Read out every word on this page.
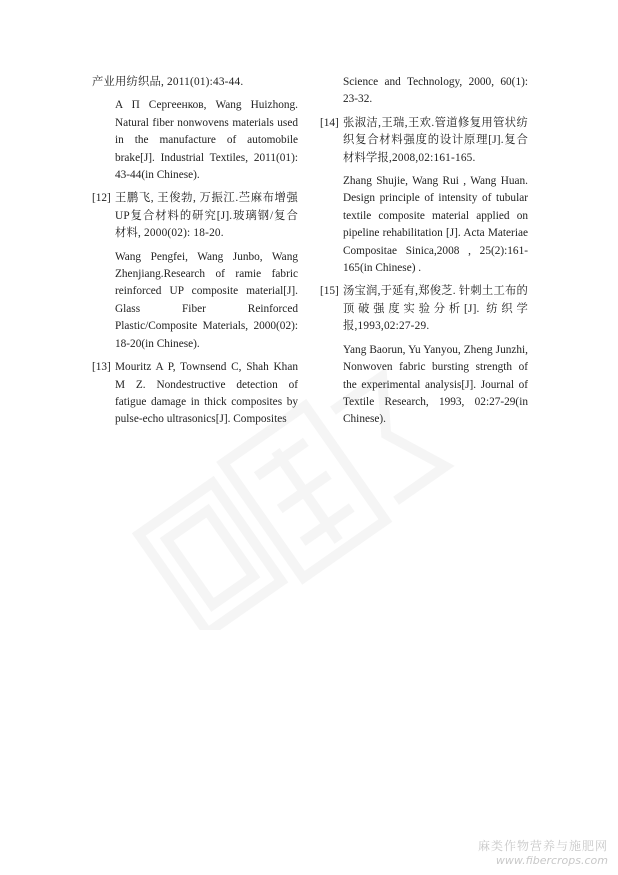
产业用纺织品, 2011(01):43-44.
A П Сергеенков, Wang Huizhong. Natural fiber nonwovens materials used in the manufacture of automobile brake[J]. Industrial Textiles, 2011(01): 43-44(in Chinese).
[12] 王鹏飞, 王俊勃, 万振江.苎麻布增强UP复合材料的研究[J].玻璃钢/复合材料, 2000(02): 18-20.
Wang Pengfei, Wang Junbo, Wang Zhenjiang.Research of ramie fabric reinforced UP composite material[J]. Glass Fiber Reinforced Plastic/Composite Materials, 2000(02): 18-20(in Chinese).
[13] Mouritz A P, Townsend C, Shah Khan M Z. Nondestructive detection of fatigue damage in thick composites by pulse-echo ultrasonics[J]. Composites
Science and Technology, 2000, 60(1): 23-32.
[14] 张淑洁,王瑞,王欢.管道修复用管状纺织复合材料强度的设计原理[J].复合材料学报,2008,02:161-165.
Zhang Shujie, Wang Rui , Wang Huan. Design principle of intensity of tubular textile composite material applied on pipeline rehabilitation [J]. Acta Materiae Compositae Sinica,2008 , 25(2):161-165(in Chinese) .
[15] 汤宝润,于延有,郑俊芝. 针刺土工布的顶破强度实验分析[J]. 纺织学报,1993,02:27-29.
Yang Baorun, Yu Yanyou, Zheng Junzhi, Nonwoven fabric bursting strength of the experimental analysis[J]. Journal of Textile Research, 1993, 02:27-29(in Chinese).
麻类作物营养与施肥网
www.fibercrops.com
